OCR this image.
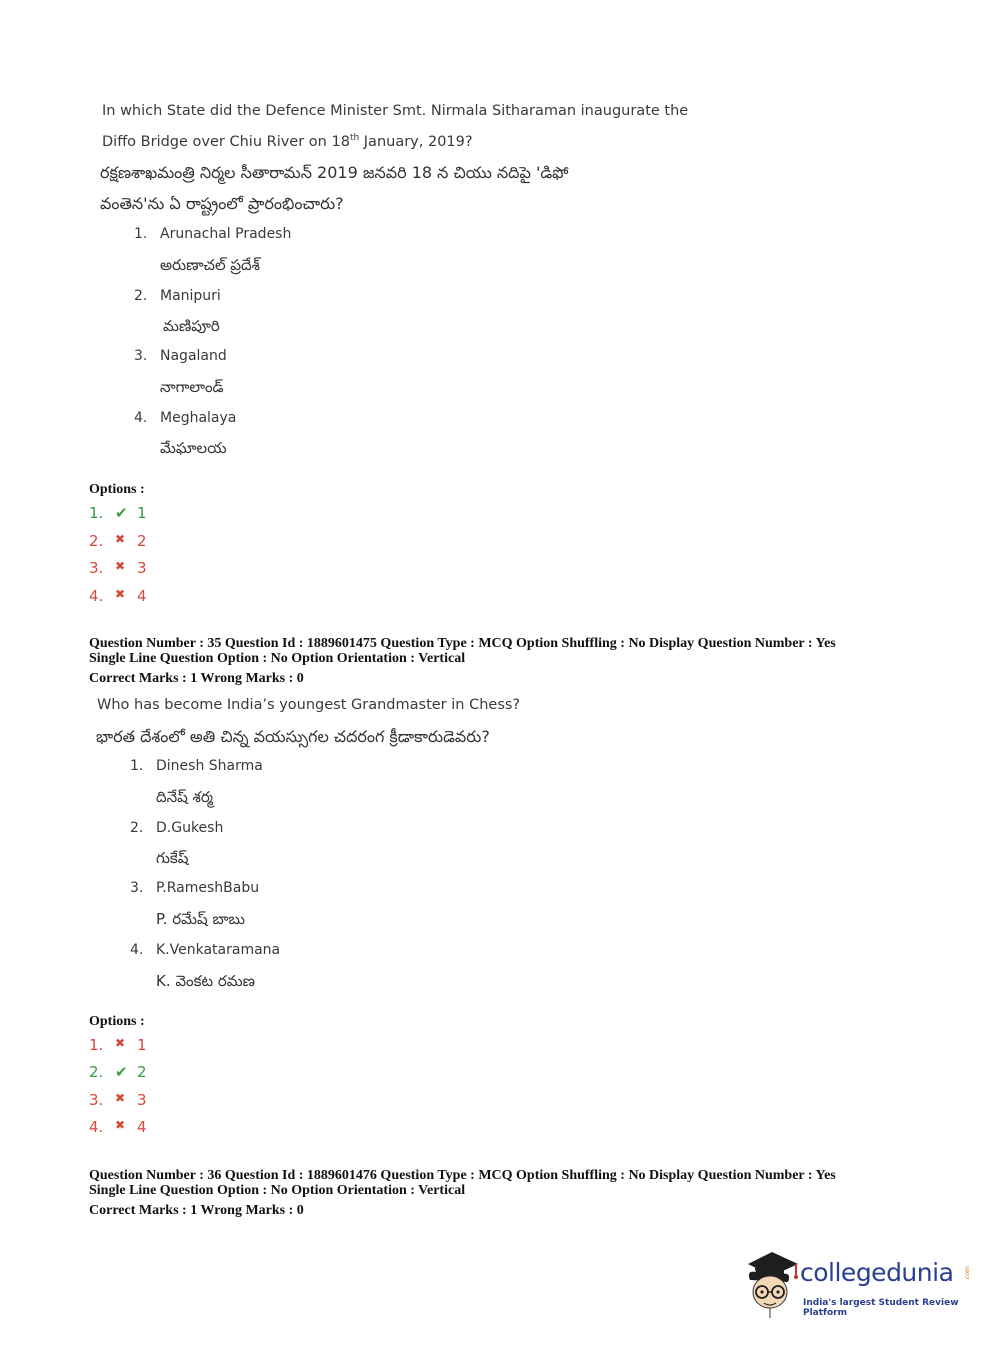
In which State did the Defence Minister Smt. Nirmala Sitharaman inaugurate the
Diffo Bridge over Chiu River on 18th January, 2019?
రక్షణశాఖమంత్రి నిర్మల సీతారామన్ 2019 జనవరి 18 న చియు నదిపై 'డిఫో
వంతెన'ను ఏ రాష్ట్రంలో ప్రారంభించారు?
1. Arunachal Pradesh
అరుణాచల్ ప్రదేశ్
2. Manipuri
మణిపూరి
3. Nagaland
నాగాలాండ్
4. Meghalaya
మేఘాలయ
Options :
1. ✔ 1
2. ✖ 2
3. ✖ 3
4. ✖ 4
Question Number : 35 Question Id : 1889601475 Question Type : MCQ Option Shuffling : No Display Question Number : Yes
Single Line Question Option : No Option Orientation : Vertical
Correct Marks : 1 Wrong Marks : 0
Who has become India’s youngest Grandmaster in Chess?
భారత దేశంలో అతి చిన్న వయస్సుగల చదరంగ క్రీడాకారుడెవరు?
1. Dinesh Sharma
దినేష్ శర్మ
2. D.Gukesh
గుకేష్
3. P.RameshBabu
P. రమేష్ బాబు
4. K.Venkataramana
K. వెంకట రమణ
Options :
1. ✖ 1
2. ✔ 2
3. ✖ 3
4. ✖ 4
Question Number : 36 Question Id : 1889601476 Question Type : MCQ Option Shuffling : No Display Question Number : Yes
Single Line Question Option : No Option Orientation : Vertical
Correct Marks : 1 Wrong Marks : 0
collegedunia .com
India's largest Student Review Platform
